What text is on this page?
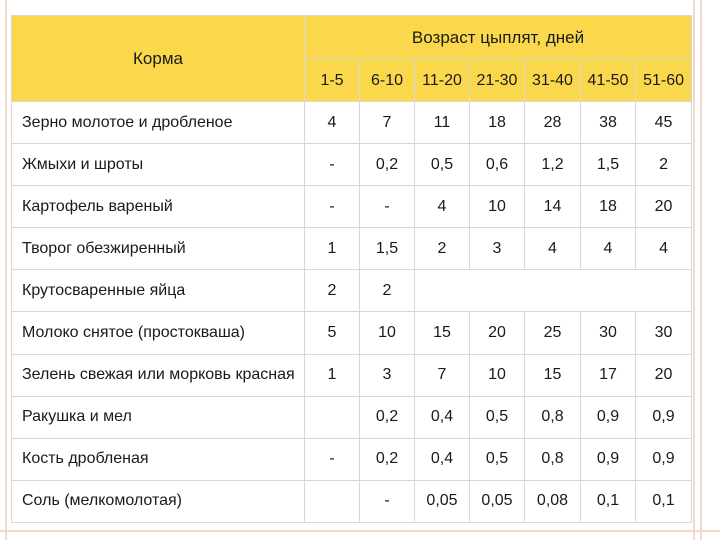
Корма	Возраст цыплят, дней						
	1-5	6-10	11-20	21-30	31-40	41-50	51-60
Зерно молотое и дробленое	4	7	11	18	28	38	45
Жмыхи и шроты	-	0,2	0,5	0,6	1,2	1,5	2
Картофель вареный	-	-	4	10	14	18	20
Творог обезжиренный	1	1,5	2	3	4	4	4
Крутосваренные яйца	2	2					
Молоко снятое (простокваша)	5	10	15	20	25	30	30
Зелень свежая или морковь красная	1	3	7	10	15	17	20
Ракушка и мел		0,2	0,4	0,5	0,8	0,9	0,9
Кость дробленая	-	0,2	0,4	0,5	0,8	0,9	0,9
Соль (мелкомолотая)		-	0,05	0,05	0,08	0,1	0,1
